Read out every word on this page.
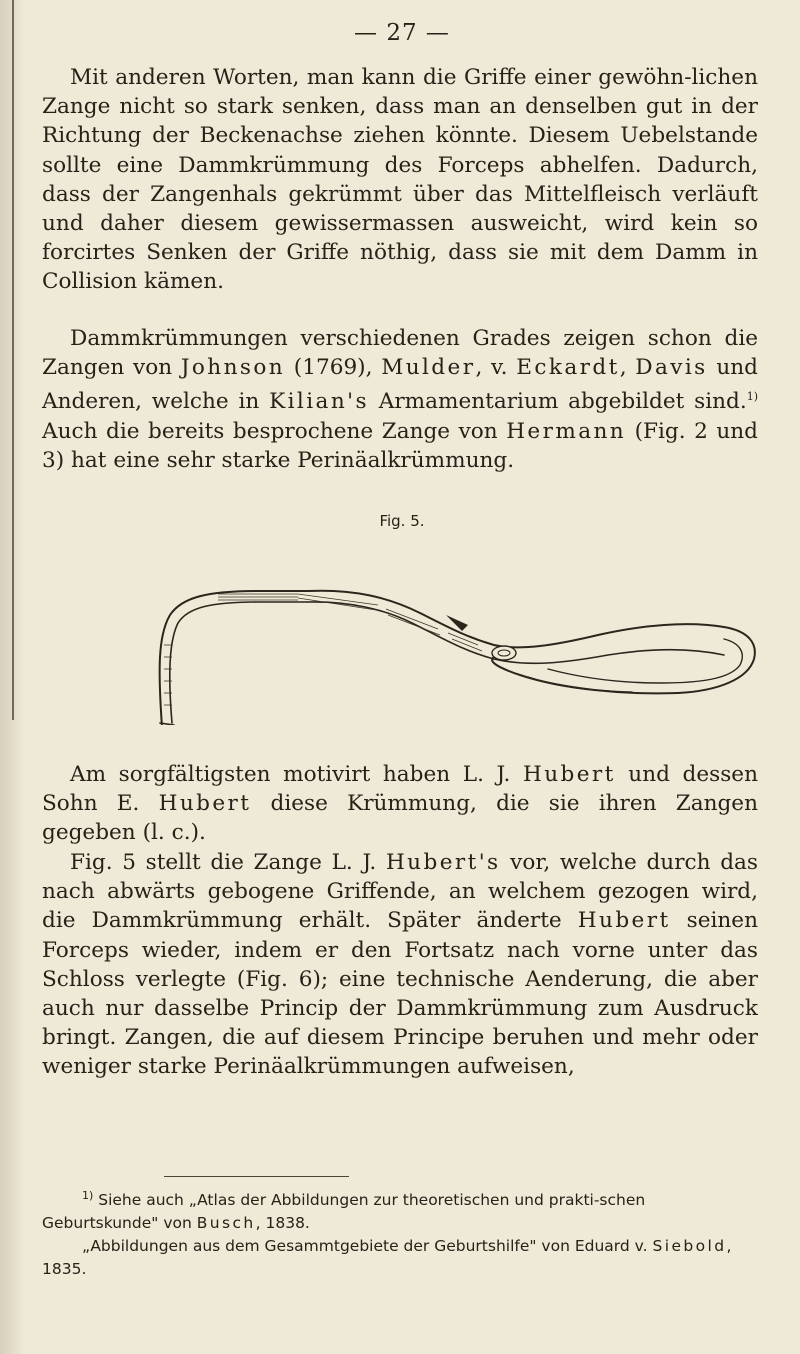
— 27 —

Mit anderen Worten, man kann die Griffe einer gewöhn-lichen Zange nicht so stark senken, dass man an denselben gut in der Richtung der Beckenachse ziehen könnte. Diesem Uebelstande sollte eine Dammkrümmung des Forceps abhelfen. Dadurch, dass der Zangenhals gekrümmt über das Mittelfleisch verläuft und daher diesem gewissermassen ausweicht, wird kein so forcirtes Senken der Griffe nöthig, dass sie mit dem Damm in Collision kämen.

Dammkrümmungen verschiedenen Grades zeigen schon die Zangen von Johnson (1769), Mulder, v. Eckardt, Davis und Anderen, welche in Kilian's Armamentarium abgebildet sind.$^{1)}$ Auch die bereits besprochene Zange von Hermann (Fig. 2 und 3) hat eine sehr starke Perinäalkrümmung.

Fig. 5.

Am sorgfältigsten motivirt haben L. J. Hubert und dessen Sohn E. Hubert diese Krümmung, die sie ihren Zangen gegeben (l. c.).

Fig. 5 stellt die Zange L. J. Hubert's vor, welche durch das nach abwärts gebogene Griffende, an welchem gezogen wird, die Dammkrümmung erhält. Später änderte Hubert seinen Forceps wieder, indem er den Fortsatz nach vorne unter das Schloss verlegte (Fig. 6); eine technische Aenderung, die aber auch nur dasselbe Princip der Dammkrümmung zum Ausdruck bringt. Zangen, die auf diesem Principe beruhen und mehr oder weniger starke Perinäalkrümmungen aufweisen,

$^{1)}$ Siehe auch „Atlas der Abbildungen zur theoretischen und prakti-schen Geburtskunde" von Busch, 1838.

„Abbildungen aus dem Gesammtgebiete der Geburtshilfe" von Eduard v. Siebold, 1835.
